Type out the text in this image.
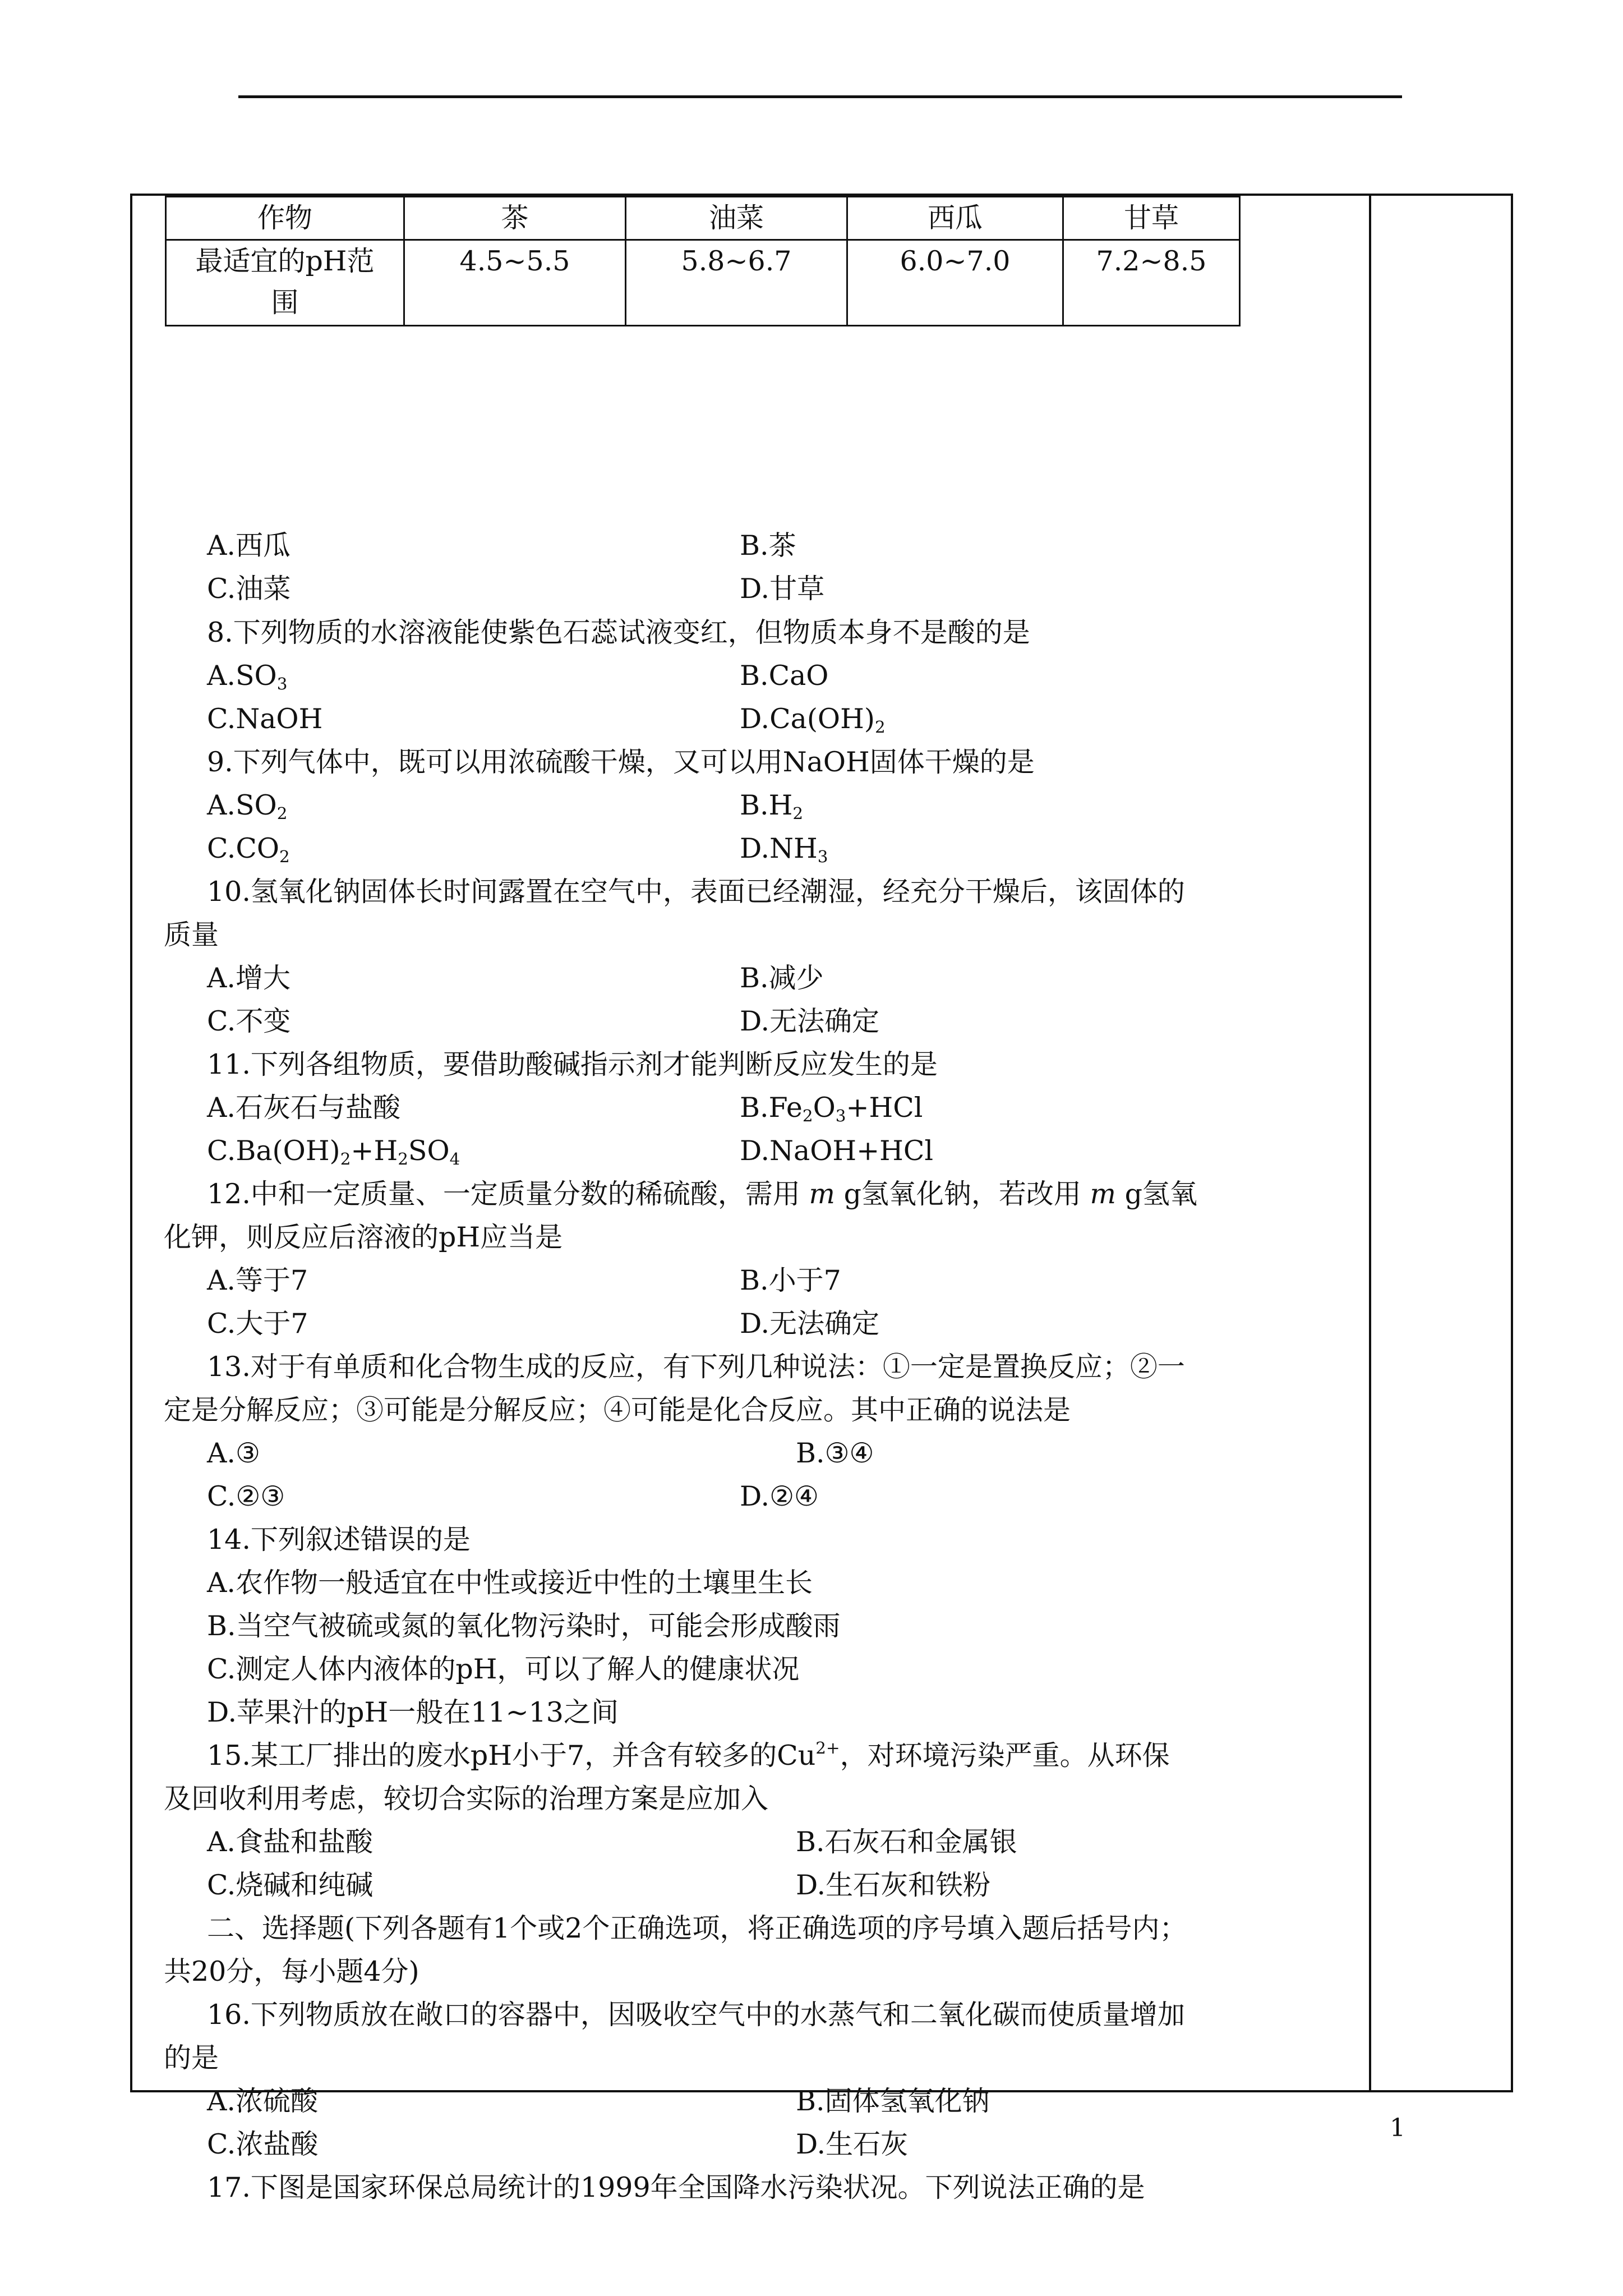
作物	茶	油菜	西瓜	甘草
最适宜的pH范围	4.5~5.5	5.8~6.7	6.0~7.0	7.2~8.5
A.西瓜	B.茶
C.油菜	D.甘草
8.下列物质的水溶液能使紫色石蕊试液变红，但物质本身不是酸的是
$A.SO_3$	B.CaO
C.NaOH	$D.Ca(OH)_2$
9.下列气体中，既可以用浓硫酸干燥，又可以用NaOH固体干燥的是
$A.SO_2$	$B.H_2$
$C.CO_2$	$D.NH_3$
10.氢氧化钠固体长时间露置在空气中，表面已经潮湿，经充分干燥后，该固体的
质量
A.增大	B.减少
C.不变	D.无法确定
11.下列各组物质，要借助酸碱指示剂才能判断反应发生的是
A.石灰石与盐酸	$B.Fe_2O_3+HCl$
$C.Ba(OH)_2+H_2SO_4$	D.NaOH+HCl
12.中和一定质量、一定质量分数的稀硫酸，需用 m g氢氧化钠，若改用 m g氢氧
化钾，则反应后溶液的pH应当是
A.等于7	B.小于7
C.大于7	D.无法确定
13.对于有单质和化合物生成的反应，有下列几种说法：①一定是置换反应；②一
定是分解反应；③可能是分解反应；④可能是化合反应。其中正确的说法是
A.③	B.③④
C.②③	D.②④
14.下列叙述错误的是
A.农作物一般适宜在中性或接近中性的土壤里生长
B.当空气被硫或氮的氧化物污染时，可能会形成酸雨
C.测定人体内液体的pH，可以了解人的健康状况
D.苹果汁的pH一般在11~13之间
15.某工厂排出的废水pH小于7，并含有较多的$Cu^{2+}$，对环境污染严重。从环保
及回收利用考虑，较切合实际的治理方案是应加入
A.食盐和盐酸	B.石灰石和金属银
C.烧碱和纯碱	D.生石灰和铁粉
二、选择题(下列各题有1个或2个正确选项，将正确选项的序号填入题后括号内；
共20分，每小题4分)
16.下列物质放在敞口的容器中，因吸收空气中的水蒸气和二氧化碳而使质量增加
的是
A.浓硫酸	B.固体氢氧化钠
C.浓盐酸	D.生石灰
17.下图是国家环保总局统计的1999年全国降水污染状况。下列说法正确的是
1
